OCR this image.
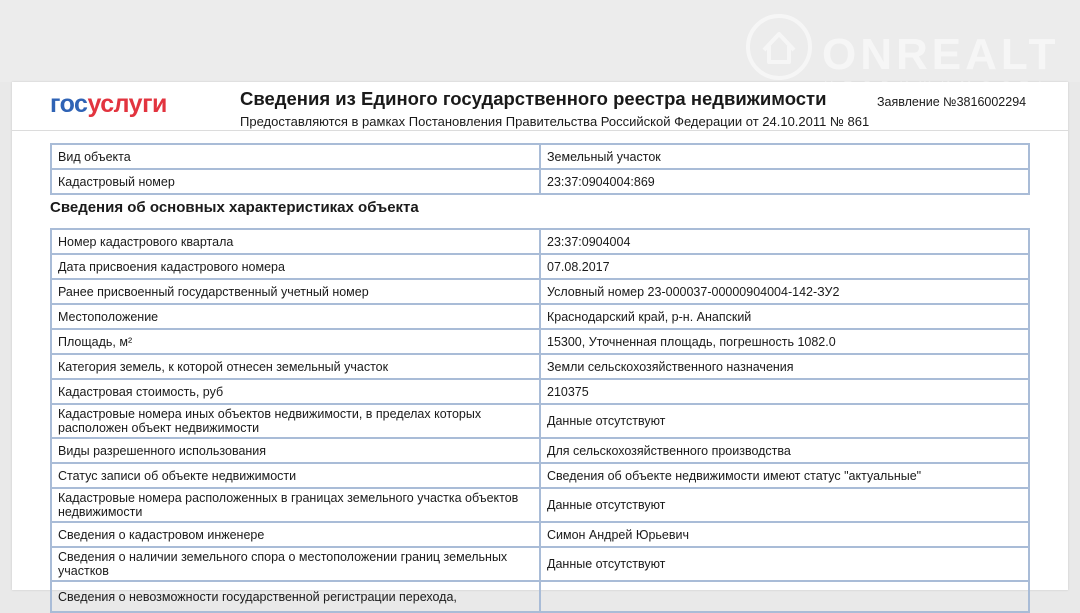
ONREALT
госуслуги	Сведения из Единого государственного реестра недвижимости
Предоставляются в рамках Постановления Правительства Российской Федерации от 24.10.2011 № 861
Заявление №3816002294
Вид объекта	Земельный участок
Кадастровый номер	23:37:0904004:869
Сведения об основных характеристиках объекта
Номер кадастрового квартала	23:37:0904004
Дата присвоения кадастрового номера	07.08.2017
Ранее присвоенный государственный учетный номер	Условный номер 23-000037-00000904004-142-ЗУ2
Местоположение	Краснодарский край, р-н. Анапский
Площадь, м²	15300, Уточненная площадь, погрешность 1082.0
Категория земель, к которой отнесен земельный участок	Земли сельскохозяйственного назначения
Кадастровая стоимость, руб	210375
Кадастровые номера иных объектов недвижимости, в пределах которых расположен объект недвижимости	Данные отсутствуют
Виды разрешенного использования	Для сельскохозяйственного производства
Статус записи об объекте недвижимости	Сведения об объекте недвижимости имеют статус "актуальные"
Кадастровые номера расположенных в границах земельного участка объектов недвижимости	Данные отсутствуют
Сведения о кадастровом инженере	Симон Андрей Юрьевич
Сведения о наличии земельного спора о местоположении границ земельных участков	Данные отсутствуют
Сведения о невозможности государственной регистрации перехода,	
